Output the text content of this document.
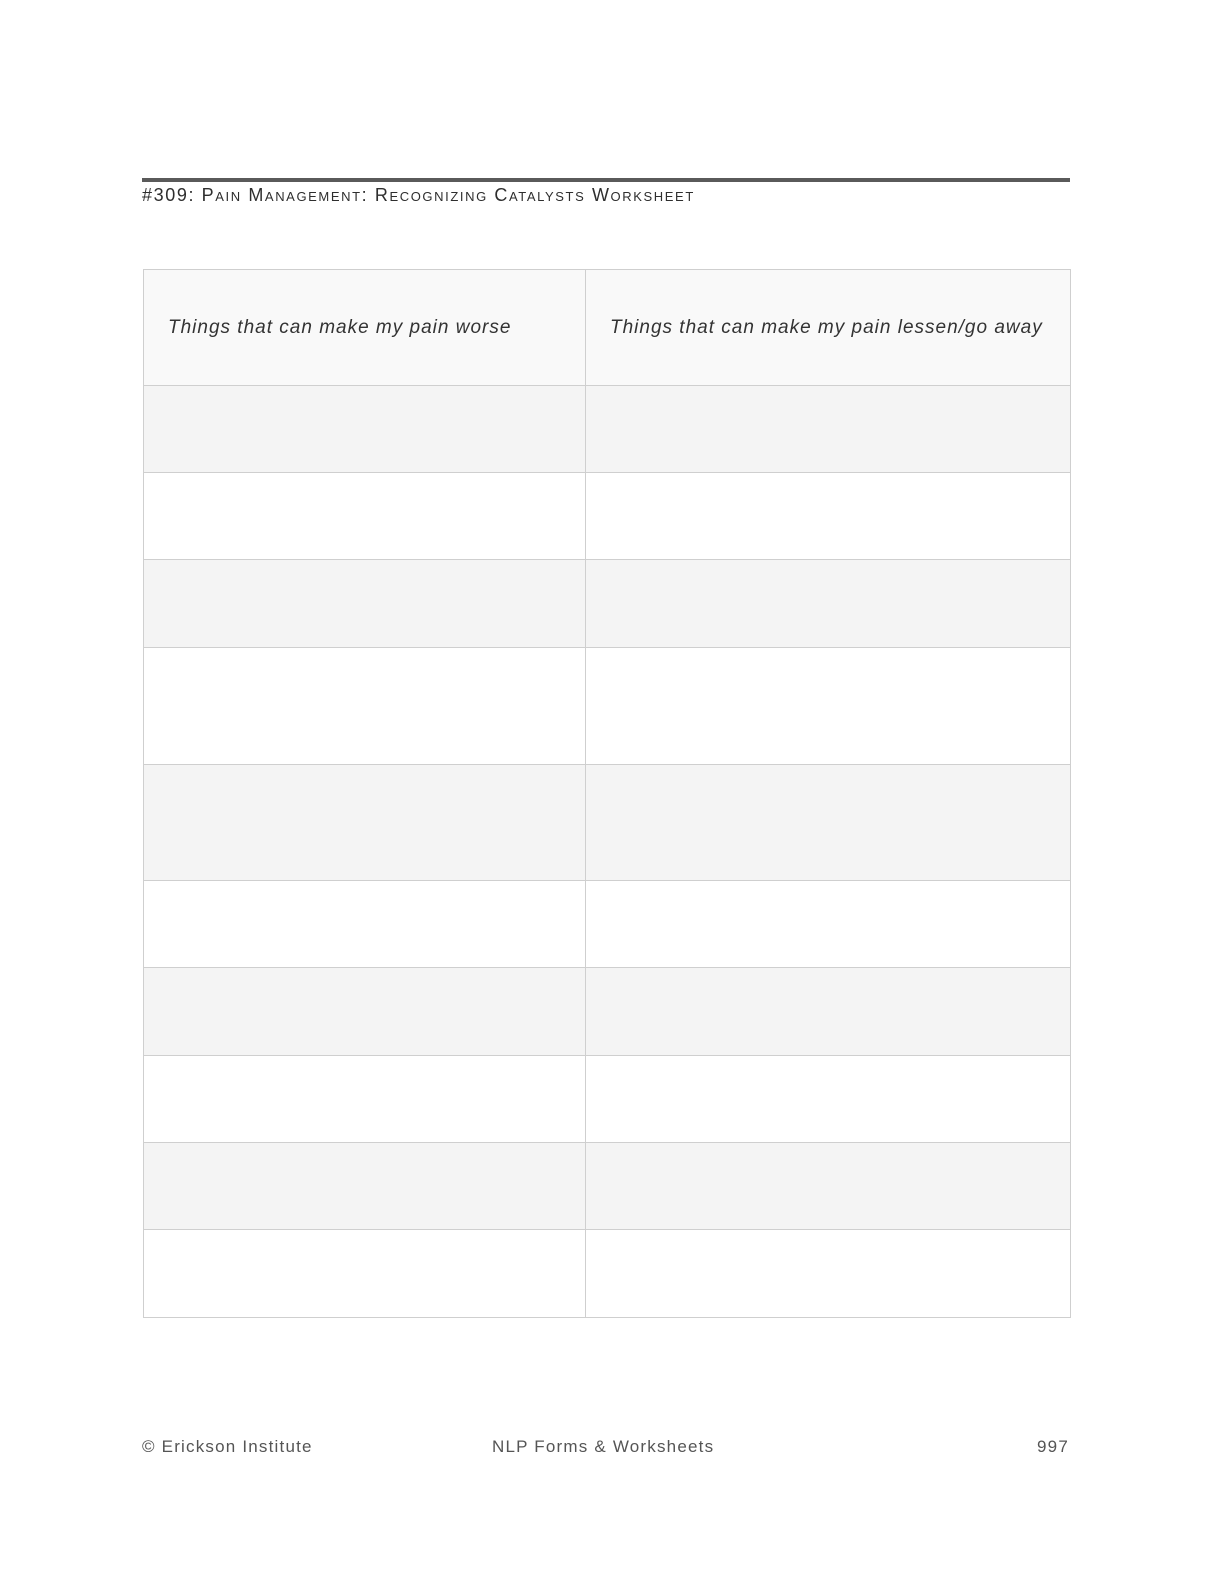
#309: Pain Management: Recognizing Catalysts Worksheet
Things that can make my pain worse	Things that can make my pain lessen/go away

© Erickson Institute	NLP Forms & Worksheets	997
